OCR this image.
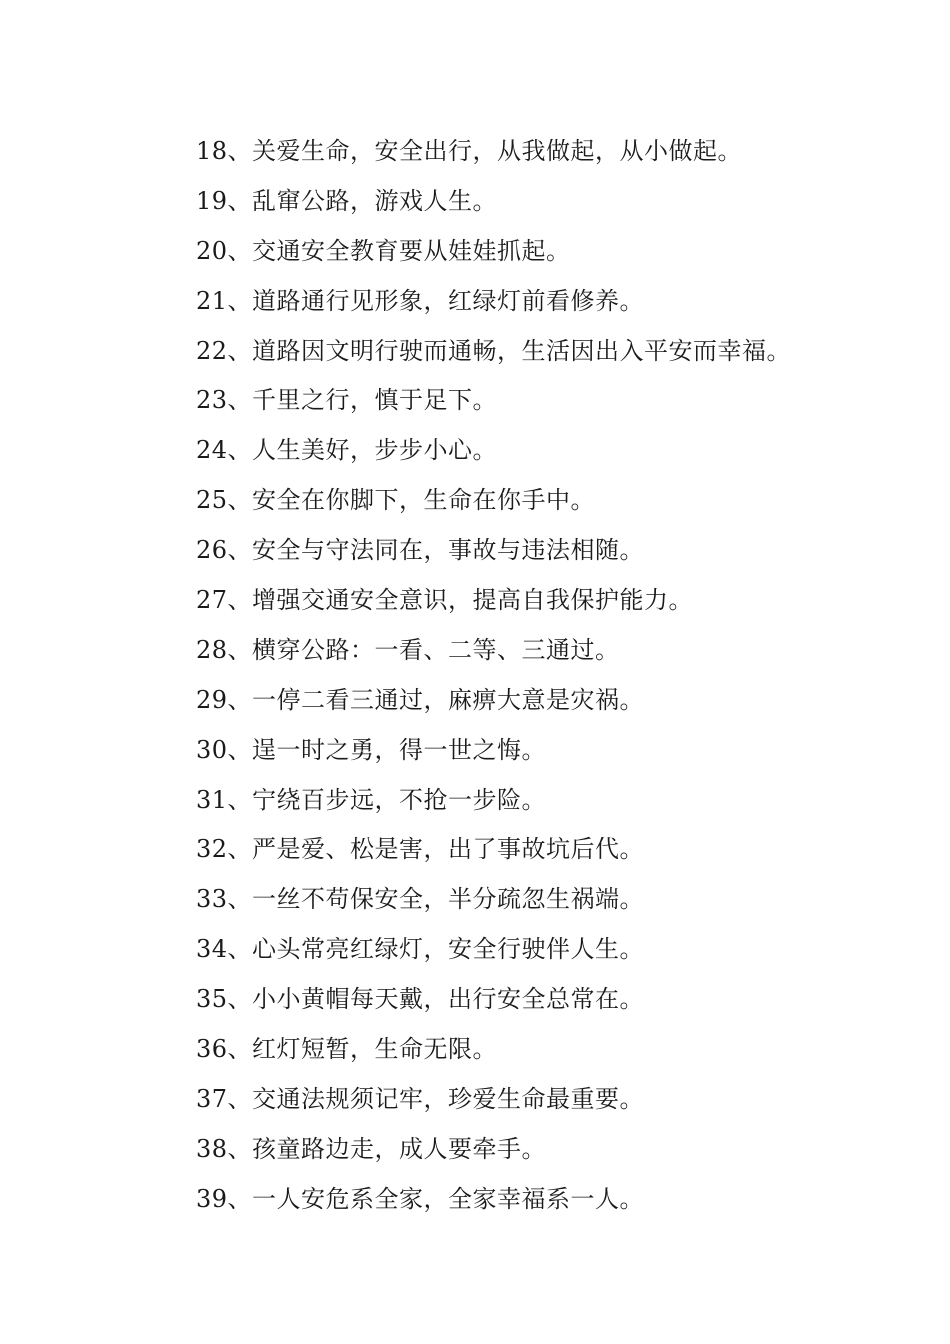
18、关爱生命，安全出行，从我做起，从小做起。
19、乱窜公路，游戏人生。
20、交通安全教育要从娃娃抓起。
21、道路通行见形象，红绿灯前看修养。
22、道路因文明行驶而通畅，生活因出入平安而幸福。
23、千里之行，慎于足下。
24、人生美好，步步小心。
25、安全在你脚下，生命在你手中。
26、安全与守法同在，事故与违法相随。
27、增强交通安全意识，提高自我保护能力。
28、横穿公路：一看、二等、三通过。
29、一停二看三通过，麻痹大意是灾祸。
30、逞一时之勇，得一世之悔。
31、宁绕百步远，不抢一步险。
32、严是爱、松是害，出了事故坑后代。
33、一丝不苟保安全，半分疏忽生祸端。
34、心头常亮红绿灯，安全行驶伴人生。
35、小小黄帽每天戴，出行安全总常在。
36、红灯短暂，生命无限。
37、交通法规须记牢，珍爱生命最重要。
38、孩童路边走，成人要牵手。
39、一人安危系全家，全家幸福系一人。
